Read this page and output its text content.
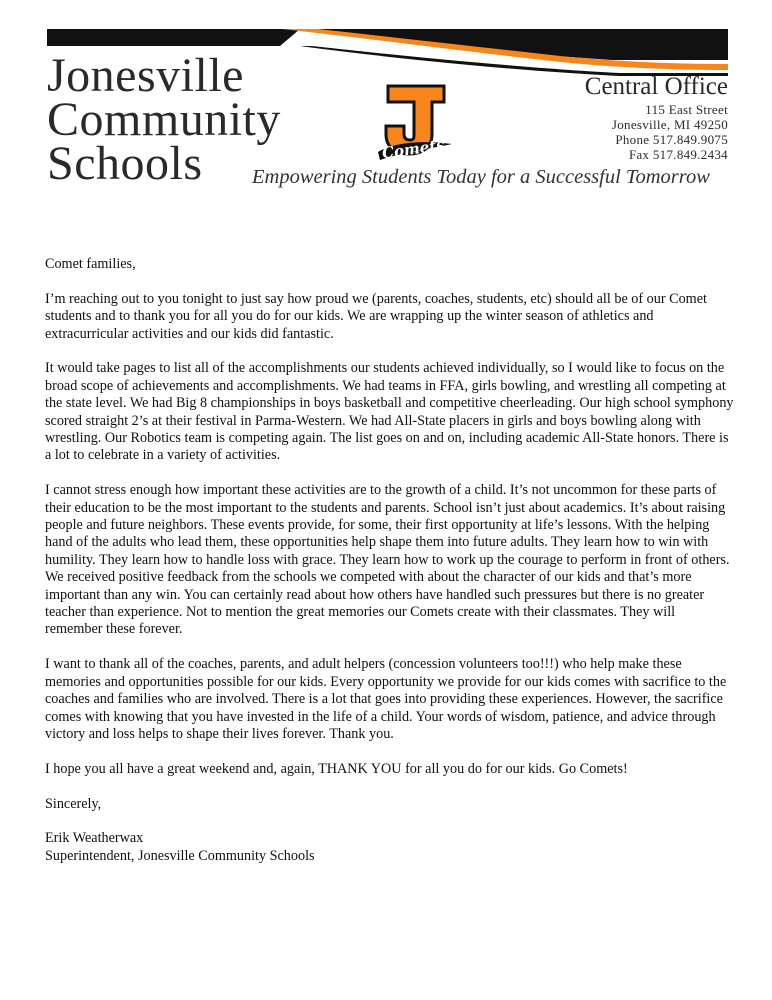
Jonesville
Community
Schools	Comets
Central Office
115 East Street
Jonesville, MI 49250
Phone 517.849.9075
Fax 517.849.2434
Empowering Students Today for a Successful Tomorrow

Comet families,

I’m reaching out to you tonight to just say how proud we (parents, coaches, students, etc) should all be of our Comet students and to thank you for all you do for our kids. We are wrapping up the winter season of athletics and extracurricular activities and our kids did fantastic.

It would take pages to list all of the accomplishments our students achieved individually, so I would like to focus on the broad scope of achievements and accomplishments. We had teams in FFA, girls bowling, and wrestling all competing at the state level. We had Big 8 championships in boys basketball and competitive cheerleading. Our high school symphony scored straight 2’s at their festival in Parma-Western. We had All-State placers in girls and boys bowling along with wrestling. Our Robotics team is competing again. The list goes on and on, including academic All-State honors. There is a lot to celebrate in a variety of activities.

I cannot stress enough how important these activities are to the growth of a child. It’s not uncommon for these parts of their education to be the most important to the students and parents. School isn’t just about academics. It’s about raising people and future neighbors. These events provide, for some, their first opportunity at life’s lessons. With the helping hand of the adults who lead them, these opportunities help shape them into future adults. They learn how to win with humility. They learn how to handle loss with grace. They learn how to work up the courage to perform in front of others. We received positive feedback from the schools we competed with about the character of our kids and that’s more important than any win. You can certainly read about how others have handled such pressures but there is no greater teacher than experience. Not to mention the great memories our Comets create with their classmates. They will remember these forever.

I want to thank all of the coaches, parents, and adult helpers (concession volunteers too!!!) who help make these memories and opportunities possible for our kids. Every opportunity we provide for our kids comes with sacrifice to the coaches and families who are involved. There is a lot that goes into providing these experiences. However, the sacrifice comes with knowing that you have invested in the life of a child. Your words of wisdom, patience, and advice through victory and loss helps to shape their lives forever. Thank you.

I hope you all have a great weekend and, again, THANK YOU for all you do for our kids. Go Comets!

Sincerely,

Erik Weatherwax

Superintendent, Jonesville Community Schools
